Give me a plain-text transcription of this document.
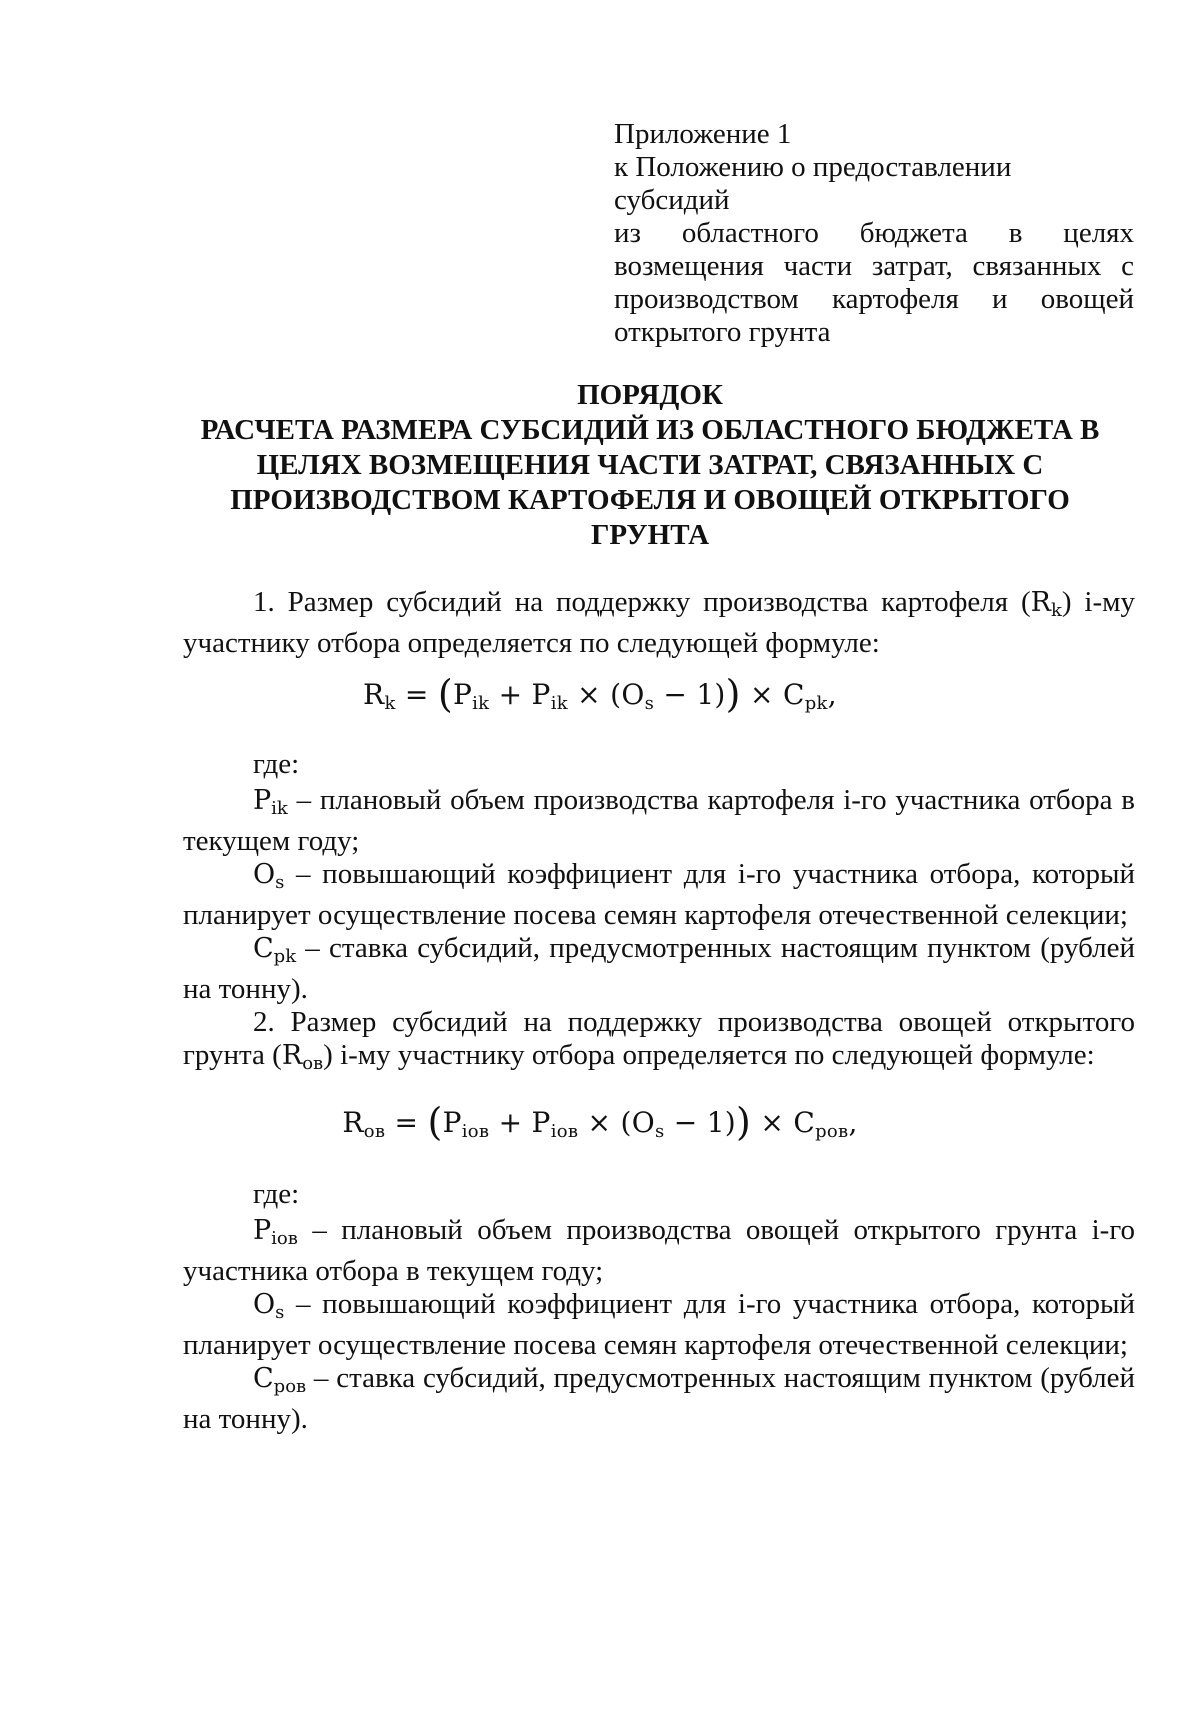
Приложение 1
к Положению о предоставлении субсидий
из областного бюджета в целях
возмещения части затрат, связанных с
производством картофеля и овощей
открытого грунта
ПОРЯДОК
РАСЧЕТА РАЗМЕРА СУБСИДИЙ ИЗ ОБЛАСТНОГО БЮДЖЕТА В
ЦЕЛЯХ ВОЗМЕЩЕНИЯ ЧАСТИ ЗАТРАТ, СВЯЗАННЫХ С
ПРОИЗВОДСТВОМ КАРТОФЕЛЯ И ОВОЩЕЙ ОТКРЫТОГО
ГРУНТА

1. Размер субсидий на поддержку производства картофеля $(R_k)$ i-му участнику отбора определяется по следующей формуле:

$R_k = (P_{ik} + P_{ik} \times (O_s - 1)) \times C_{pk}$,
где:

$P_{ik}$ – плановый объем производства картофеля i-го участника отбора в текущем году;

$O_s$ – повышающий коэффициент для i-го участника отбора, который планирует осуществление посева семян картофеля отечественной селекции;

$C_{pk}$ – ставка субсидий, предусмотренных настоящим пунктом (рублей на тонну).

2. Размер субсидий на поддержку производства овощей открытого грунта $(R_{ов})$ i-му участнику отбора определяется по следующей формуле:

$R_{ов} = (P_{iов} + P_{iов} \times (O_s - 1)) \times C_{pов}$,
где:

$P_{iов}$ – плановый объем производства овощей открытого грунта i-го участника отбора в текущем году;

$O_s$ – повышающий коэффициент для i-го участника отбора, который планирует осуществление посева семян картофеля отечественной селекции;

$C_{pов}$ – ставка субсидий, предусмотренных настоящим пунктом (рублей на тонну).
